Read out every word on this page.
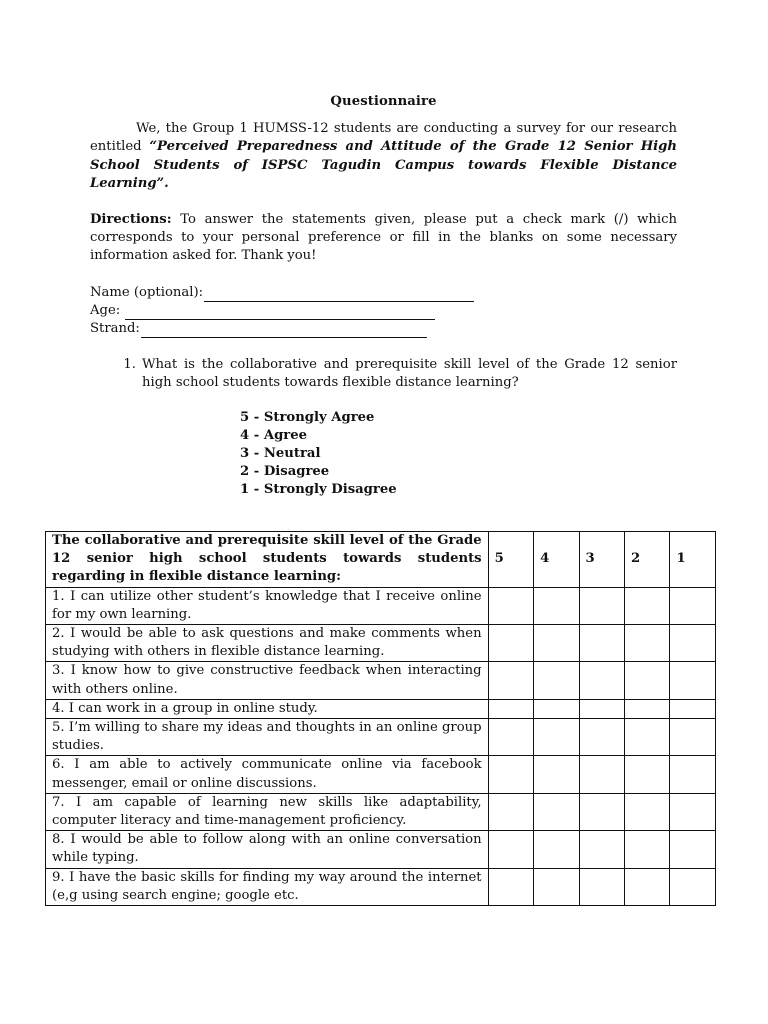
Questionnaire
We, the Group 1 HUMSS-12 students are conducting a survey for our research entitled “Perceived Preparedness and Attitude of the Grade 12 Senior High School Students of ISPSC Tagudin Campus towards Flexible Distance Learning”.
Directions: To answer the statements given, please put a check mark (/) which corresponds to your personal preference or fill in the blanks on some necessary information asked for. Thank you!
Name (optional):
Age:
Strand:
1. What is the collaborative and prerequisite skill level of the Grade 12 senior high school students towards flexible distance learning?
5 - Strongly Agree
4 - Agree
3 - Neutral
2 - Disagree
1 - Strongly Disagree
The collaborative and prerequisite skill level of the Grade 12 senior high school students towards students regarding in flexible distance learning:	5	4	3	2	1
1. I can utilize other student’s knowledge that I receive online for my own learning.					
2. I would be able to ask questions and make comments when studying with others in flexible distance learning.					
3. I know how to give constructive feedback when interacting with others online.					
4. I can work in a group in online study.					
5. I’m willing to share my ideas and thoughts in an online group studies.					
6. I am able to actively communicate online via facebook messenger, email or online discussions.					
7. I am capable of learning new skills like adaptability, computer literacy and time-management proficiency.					
8. I would be able to follow along with an online conversation while typing.					
9. I have the basic skills for finding my way around the internet (e,g using search engine; google etc.					
